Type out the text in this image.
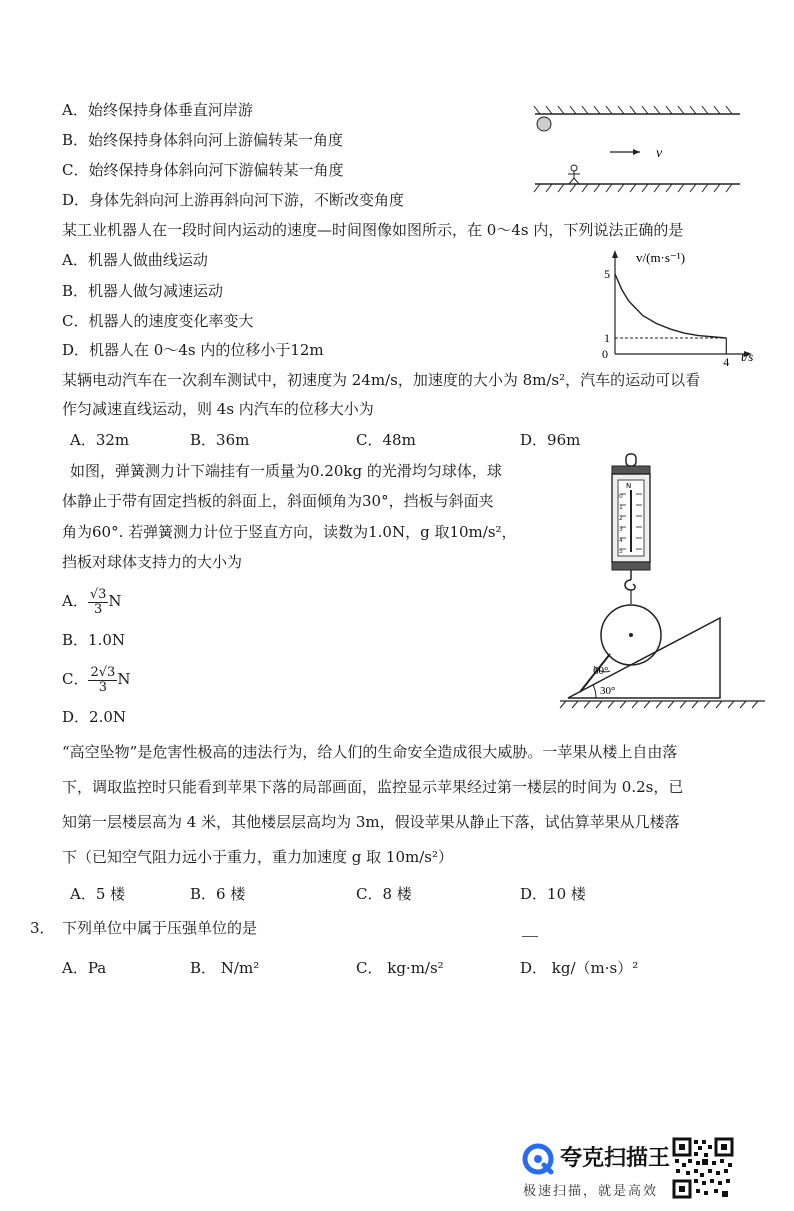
A．始终保持身体垂直河岸游
B．始终保持身体斜向河上游偏转某一角度
C．始终保持身体斜向河下游偏转某一角度
D．身体先斜向河上游再斜向河下游，不断改变角度
v
某工业机器人在一段时间内运动的速度—时间图像如图所示，在 0～4s 内，下列说法正确的是
A．机器人做曲线运动
B．机器人做匀减速运动
C．机器人的速度变化率变大
D．机器人在 0～4s 内的位移小于12m
v/(m·s⁻¹)
t/s
0
4
1
5
某辆电动汽车在一次刹车测试中，初速度为 24m/s，加速度的大小为 8m/s²，汽车的运动可以看
作匀减速直线运动，则 4s 内汽车的位移大小为
A．32m	B．36m	C．48m	D．96m
如图，弹簧测力计下端挂有一质量为0.20kg 的光滑均匀球体，球
体静止于带有固定挡板的斜面上，斜面倾角为30°，挡板与斜面夹
角为60°. 若弹簧测力计位于竖直方向，读数为1.0N，g 取10m/s²，
挡板对球体支持力的大小为
A． $\frac{√3}{3}$ N
B．1.0N
C． $\frac{2√3}{3}$ N
D．2.0N
N
0
1
2
3
4
5
60°
30°
“高空坠物”是危害性极高的违法行为，给人们的生命安全造成很大威胁。一苹果从楼上自由落
下，调取监控时只能看到苹果下落的局部画面，监控显示苹果经过第一楼层的时间为 0.2s，已
知第一层楼层高为 4 米，其他楼层层高均为 3m，假设苹果从静止下落，试估算苹果从几楼落
下（已知空气阻力远小于重力，重力加速度 g 取 10m/s²）
A．5 楼	B．6 楼	C．8 楼	D．10 楼
3． 下列单位中属于压强单位的是
A．Pa	B． N/m²	C． kg·m/s²	D． kg/（m·s）²
夸克扫描王
极速扫描，就是高效
